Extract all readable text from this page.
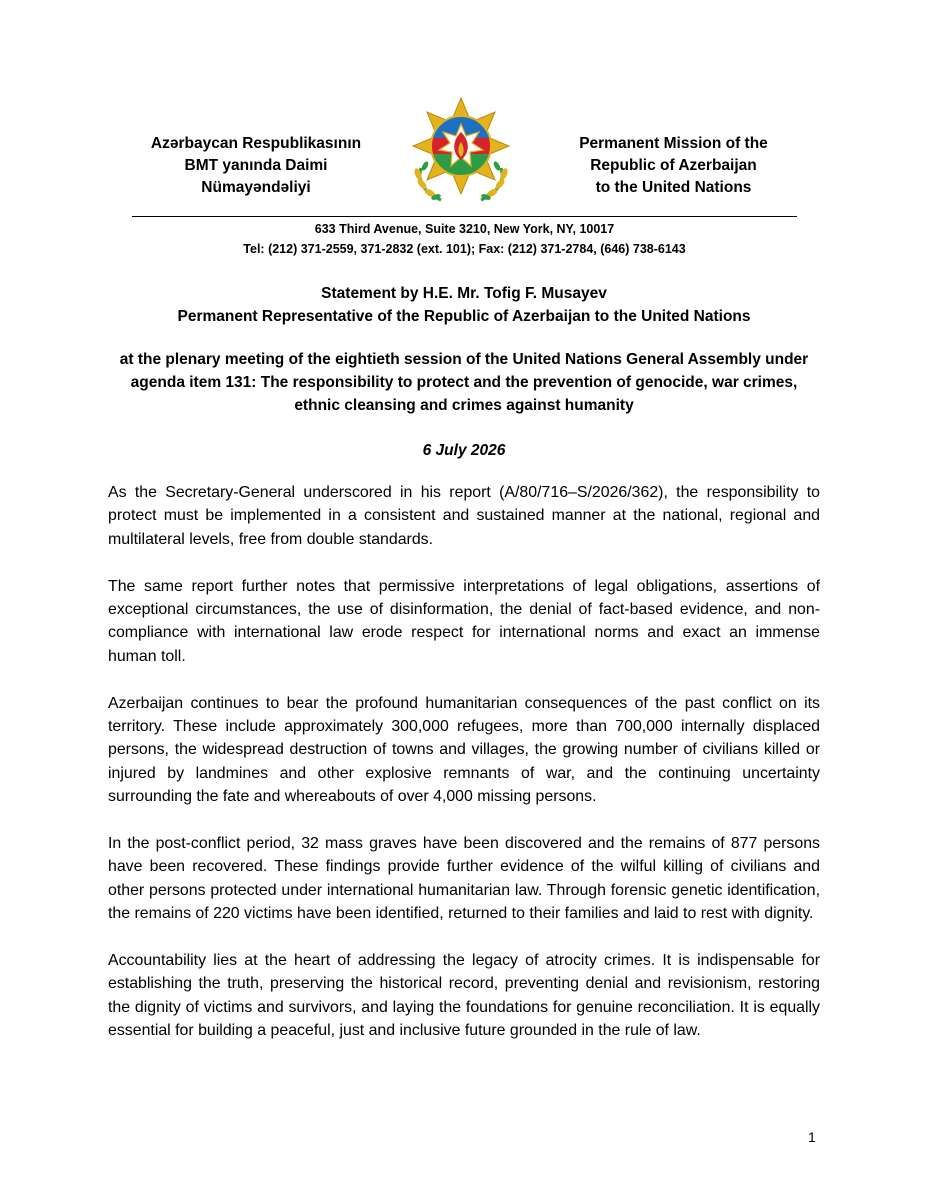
Azərbaycan Respublikasının
BMT yanında Daimi
Nümayəndəliyi
Permanent Mission of the
Republic of Azerbaijan
to the United Nations
633 Third Avenue, Suite 3210, New York, NY, 10017
Tel: (212) 371-2559, 371-2832 (ext. 101); Fax: (212) 371-2784, (646) 738-6143
Statement by H.E. Mr. Tofig F. Musayev
Permanent Representative of the Republic of Azerbaijan to the United Nations
at the plenary meeting of the eightieth session of the United Nations General Assembly under
agenda item 131: The responsibility to protect and the prevention of genocide, war crimes,
ethnic cleansing and crimes against humanity
6 July 2026

As the Secretary-General underscored in his report (A/80/716–S/2026/362), the responsibility to protect must be implemented in a consistent and sustained manner at the national, regional and multilateral levels, free from double standards.

The same report further notes that permissive interpretations of legal obligations, assertions of exceptional circumstances, the use of disinformation, the denial of fact-based evidence, and non-compliance with international law erode respect for international norms and exact an immense human toll.

Azerbaijan continues to bear the profound humanitarian consequences of the past conflict on its territory. These include approximately 300,000 refugees, more than 700,000 internally displaced persons, the widespread destruction of towns and villages, the growing number of civilians killed or injured by landmines and other explosive remnants of war, and the continuing uncertainty surrounding the fate and whereabouts of over 4,000 missing persons.

In the post-conflict period, 32 mass graves have been discovered and the remains of 877 persons have been recovered. These findings provide further evidence of the wilful killing of civilians and other persons protected under international humanitarian law. Through forensic genetic identification, the remains of 220 victims have been identified, returned to their families and laid to rest with dignity.

Accountability lies at the heart of addressing the legacy of atrocity crimes. It is indispensable for establishing the truth, preserving the historical record, preventing denial and revisionism, restoring the dignity of victims and survivors, and laying the foundations for genuine reconciliation. It is equally essential for building a peaceful, just and inclusive future grounded in the rule of law.

1
